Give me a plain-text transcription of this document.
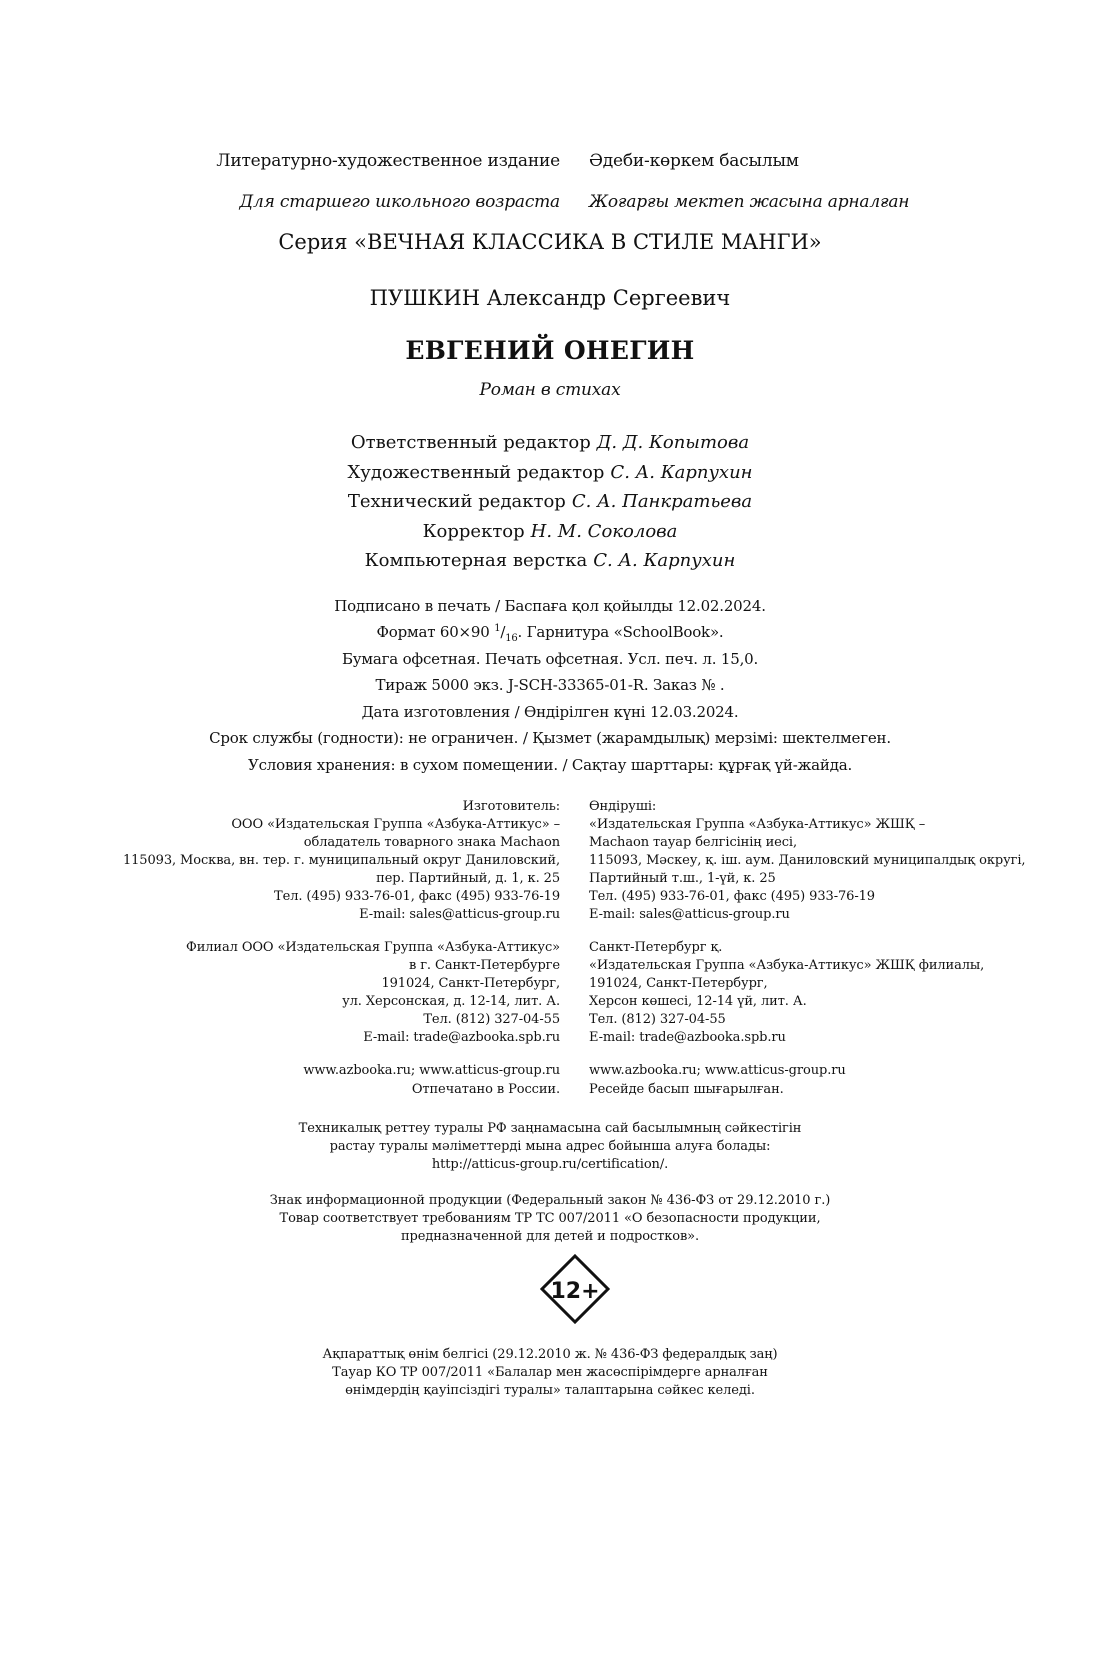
Литературно-художественное издание Әдеби-көркем басылым
Для старшего школьного возраста Жоғарғы мектеп жасына арналған
Серия «ВЕЧНАЯ КЛАССИКА В СТИЛЕ МАНГИ»
ПУШКИН Александр Сергеевич
ЕВГЕНИЙ ОНЕГИН
Роман в стихах
Ответственный редактор Д. Д. Копытова
Художественный редактор С. А. Карпухин
Технический редактор С. А. Панкратьева
Корректор Н. М. Соколова
Компьютерная верстка С. А. Карпухин
Подписано в печать / Баспаға қол қойылды 12.02.2024.
Формат 60×90 $^1/_{16}$. Гарнитура «SchoolBook».
Бумага офсетная. Печать офсетная. Усл. печ. л. 15,0.
Тираж 5000 экз. J-SCH-33365-01-R. Заказ № .
Дата изготовления / Өндірілген күні 12.03.2024.
Срок службы (годности): не ограничен. / Қызмет (жарамдылық) мерзімі: шектелмеген.
Условия хранения: в сухом помещении. / Сақтау шарттары: құрғақ үй-жайда.
Изготовитель:
ООО «Издательская Группа «Азбука-Аттикус» –
обладатель товарного знака Machaon
115093, Москва, вн. тер. г. муниципальный округ Даниловский,
пер. Партийный, д. 1, к. 25
Тел. (495) 933-76-01, факс (495) 933-76-19
E-mail: sales@atticus-group.ru
Өндіруші:
«Издательская Группа «Азбука-Аттикус» ЖШҚ –
Machaon тауар белгісінің иесі,
115093, Мәскеу, қ. іш. аум. Даниловский муниципалдық округі,
Партийный т.ш., 1-үй, к. 25
Тел. (495) 933-76-01, факс (495) 933-76-19
E-mail: sales@atticus-group.ru
Филиал ООО «Издательская Группа «Азбука-Аттикус»
в г. Санкт-Петербурге
191024, Санкт-Петербург,
ул. Херсонская, д. 12-14, лит. А.
Тел. (812) 327-04-55
E-mail: trade@azbooka.spb.ru
Санкт-Петербург қ.
«Издательская Группа «Азбука-Аттикус» ЖШҚ филиалы,
191024, Санкт-Петербург,
Херсон көшесі, 12-14 үй, лит. А.
Тел. (812) 327-04-55
E-mail: trade@azbooka.spb.ru
www.azbooka.ru; www.atticus-group.ru
Отпечатано в России.
www.azbooka.ru; www.atticus-group.ru
Ресейде басып шығарылған.
Техникалық реттеу туралы РФ заңнамасына сай басылымның сәйкестігін
растау туралы мәліметтерді мына адрес бойынша алуға болады:
http://atticus-group.ru/certification/.
Знак информационной продукции (Федеральный закон № 436-ФЗ от 29.12.2010 г.)
Товар соответствует требованиям ТР ТС 007/2011 «О безопасности продукции,
предназначенной для детей и подростков».
12+
Ақпараттық өнім белгісі (29.12.2010 ж. № 436-ФЗ федералдық заң)
Тауар КО ТР 007/2011 «Балалар мен жасөспірімдерге арналған
өнімдердің қауіпсіздігі туралы» талаптарына сәйкес келеді.
